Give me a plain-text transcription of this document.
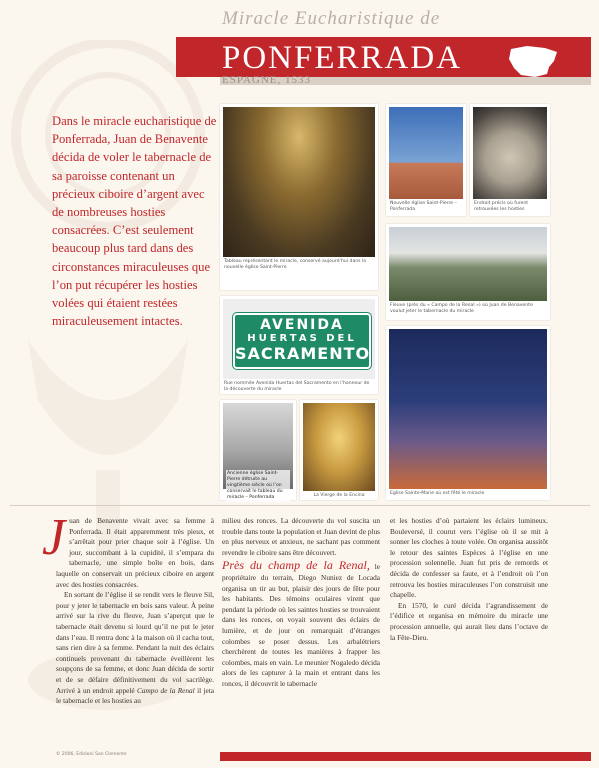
Miracle Eucharistique de
PONFERRADA
ESPAGNE, 1533
Dans le miracle eucharistique de Ponferrada, Juan de Benavente décida de voler le tabernacle de sa paroisse contenant un précieux ciboire d’argent avec de nombreuses hosties consacrées. C’est seulement beaucoup plus tard dans des circonstances miraculeuses que l’on put récupérer les hosties volées qui étaient restées miraculeusement intactes.
Tableau représentant le miracle, conservé aujourd’hui dans la nouvelle église Saint-Pierre
Nouvelle église Saint-Pierre – Ponferrada
Endroit précis où furent retrouvées les hosties
Fleuve (près du « Campo de la Renal ») où Juan de Benavente voulut jeter le tabernacle du miracle
AVENIDA
HUERTAS DEL
SACRAMENTO
Rue nommée Avenida Huertas del Sacramento en l’honneur de la découverte du miracle
La Vierge de la Encina	Eglise Sainte-Marie où est fêté le miracle
Ancienne église Saint-Pierre détruite au vingtième siècle où l’on conservait le tableau du miracle – Ponferrada
J uan de Benavente vivait avec sa femme à Ponferrada. Il était apparemment très pieux, et s’arrêtait pour prier chaque soir à l’église. Un jour, succombant à la cupidité, il s’empara du tabernacle, une simple boîte en bois, dans laquelle on conservait un précieux ciboire en argent avec des hosties consacrées.

En sortant de l’église il se rendit vers le fleuve Sil, pour y jeter le tabernacle en bois sans valeur. À peine arrivé sur la rive du fleuve, Juan s’aperçut que le tabernacle était devenu si lourd qu’il ne put le jeter dans l’eau. Il rentra donc à la maison où il cacha tout, sans rien dire à sa femme. Pendant la nuit des éclairs continuels provenant du tabernacle éveillèrent les soupçons de sa femme, et donc Juan décida de sortir et de se défaire définitivement du vol sacrilège. Arrivé à un endroit appelé Campo de la Renal il jeta le tabernacle et les hosties au

milieu des ronces. La découverte du vol suscita un trouble dans toute la population et Juan devint de plus en plus nerveux et anxieux, ne sachant pas comment revendre le ciboire sans être découvert.
Près du champ de la Renal, le propriétaire du terrain, Diego Nuniez de Locada organisa un tir au but, plaisir des jours de fête pour les habitants. Des témoins oculaires virent que pendant la période où les saintes hosties se trouvaient dans les ronces, on voyait souvent des éclairs de lumière, et de jour on remarquait d’étranges colombes se poser dessus. Les arbalétriers cherchèrent de toutes les manières à frapper les colombes, mais en vain. Le meunier Nogaledo décida alors de les capturer à la main et entrant dans les ronces, il découvrit le tabernacle
et les hosties d’où partaient les éclairs lumineux. Bouleversé, il courut vers l’église où il se mit à sonner les cloches à toute volée. On organisa aussitôt le retour des saintes Espèces à l’église en une procession solennelle. Juan fut pris de remords et décida de confesser sa faute, et à l’endroit où l’on retrouva les hosties miraculeuses l’on construisit une chapelle.

En 1570, le curé décida l’agrandissement de l’édifice et organisa en mémoire du miracle une procession annuelle, qui aurait lieu dans l’octave de la Fête-Dieu.

© 2006, Edizioni San Clemente
